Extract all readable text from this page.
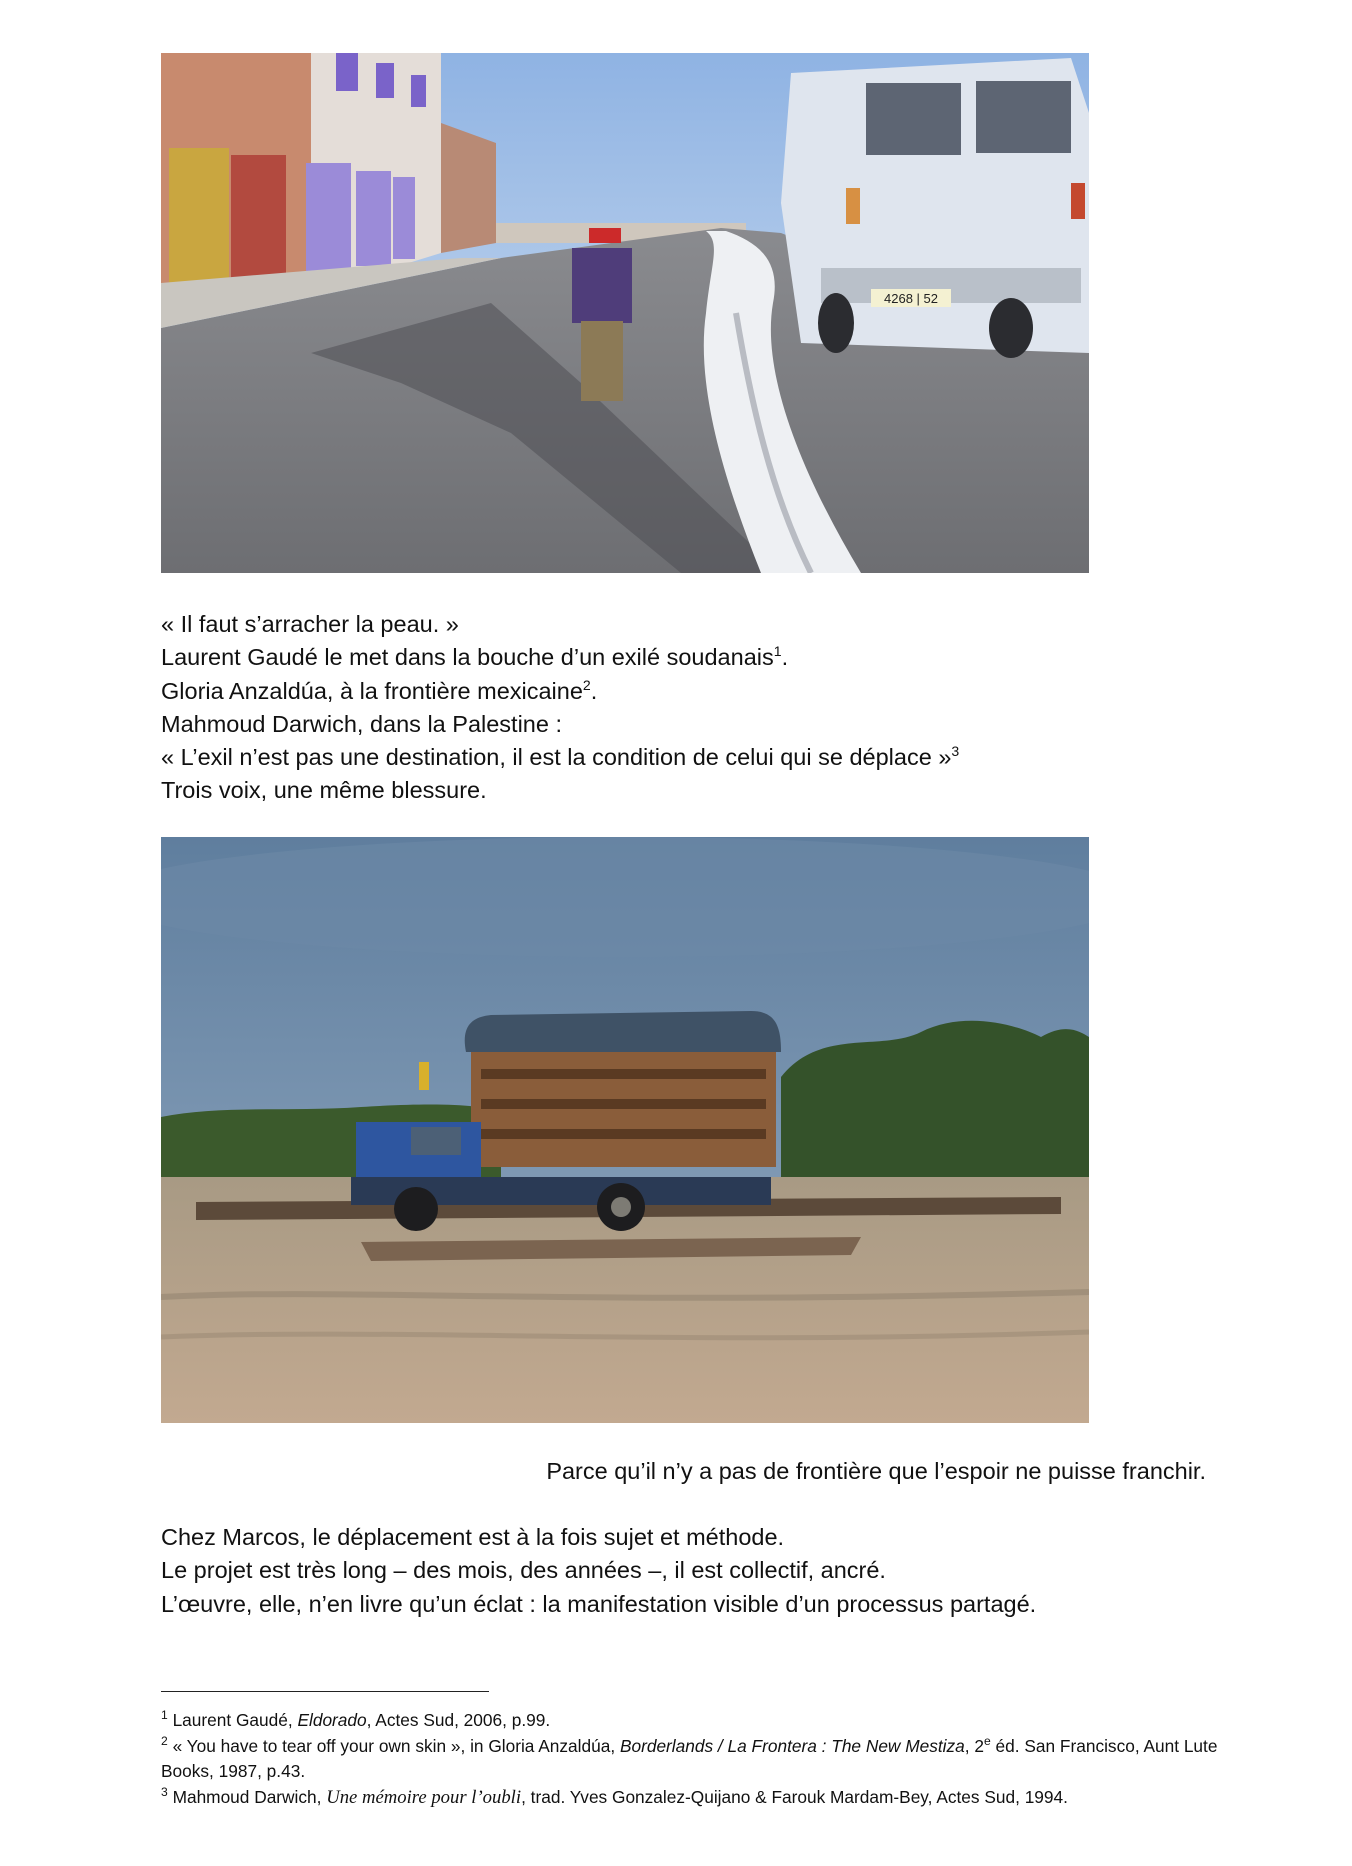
4268 | 52
« Il faut s’arracher la peau. »
Laurent Gaudé le met dans la bouche d’un exilé soudanais$^1$.
Gloria Anzaldúa, à la frontière mexicaine$^2$.
Mahmoud Darwich, dans la Palestine :
« L’exil n’est pas une destination, il est la condition de celui qui se déplace »$^3$
Trois voix, une même blessure.
Parce qu’il n’y a pas de frontière que l’espoir ne puisse franchir.
Chez Marcos, le déplacement est à la fois sujet et méthode.
Le projet est très long – des mois, des années –, il est collectif, ancré.
L’œuvre, elle, n’en livre qu’un éclat : la manifestation visible d’un processus partagé.
$^1$ Laurent Gaudé, Eldorado, Actes Sud, 2006, p.99.
$^2$ « You have to tear off your own skin », in Gloria Anzaldúa, Borderlands / La Frontera : The New Mestiza, 2e éd. San Francisco, Aunt Lute Books, 1987, p.43.
$^3$ Mahmoud Darwich, Une mémoire pour l’oubli, trad. Yves Gonzalez-Quijano & Farouk Mardam-Bey, Actes Sud, 1994.
